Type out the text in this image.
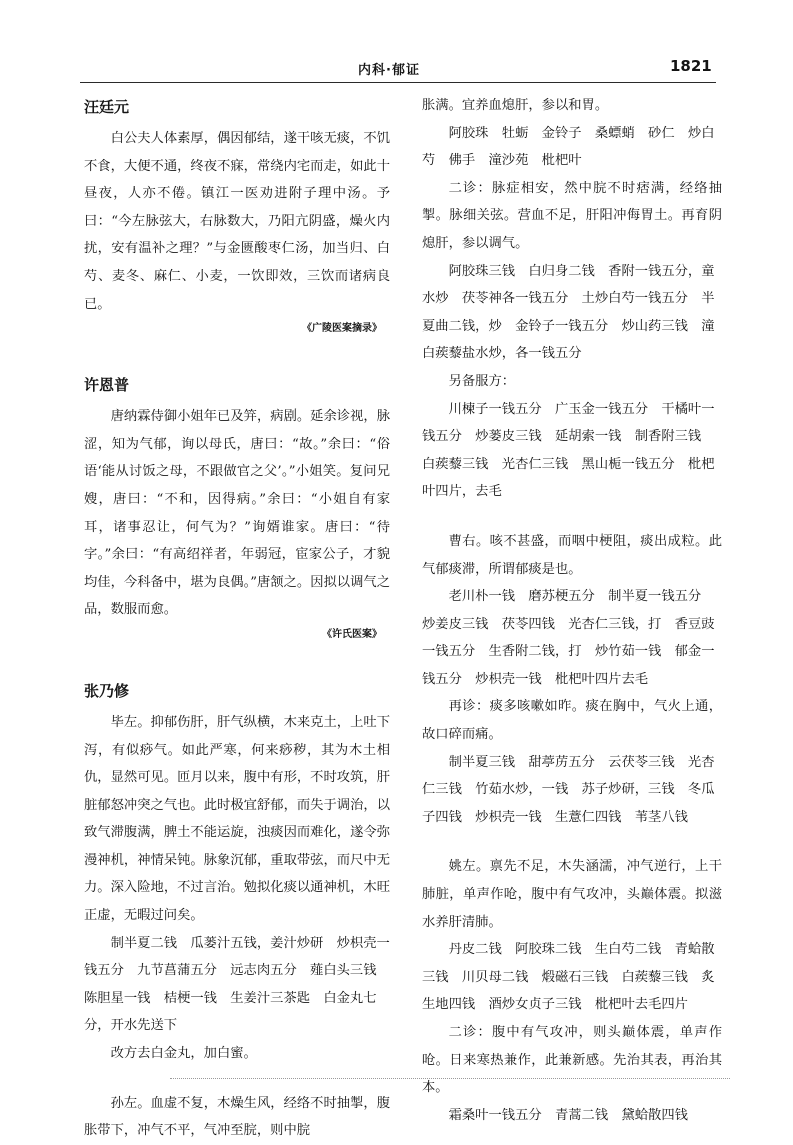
内科·郁证	1821
汪廷元

白公夫人体素厚，偶因郁结，遂干咳无痰，不饥不食，大便不通，终夜不寐，常绕内宅而走，如此十昼夜，人亦不倦。镇江一医劝进附子理中汤。予曰：“今左脉弦大，右脉数大，乃阳亢阴盛，燥火内扰，安有温补之理？”与金匮酸枣仁汤，加当归、白芍、麦冬、麻仁、小麦，一饮即效，三饮而诸病良已。

《广陵医案摘录》
许恩普

唐纳霖侍御小姐年已及笄，病剧。延余诊视，脉涩，知为气郁，询以母氏，唐曰：“故。”余曰：“俗语‘能从讨饭之母，不跟做官之父’。”小姐笑。复问兄嫂，唐曰：“不和，因得病。”余曰：“小姐自有家耳，诸事忍让，何气为？”询婿谁家。唐曰：“待字。”余曰：“有高绍祥者，年弱冠，宦家公子，才貌均佳，今科备中，堪为良偶。”唐颔之。因拟以调气之品，数服而愈。

《许氏医案》
张乃修

毕左。抑郁伤肝，肝气纵横，木来克土，上吐下泻，有似痧气。如此严寒，何来痧秽，其为木土相仇，显然可见。匝月以来，腹中有形，不时攻筑，肝脏郁怒冲突之气也。此时极宜舒郁，而失于调治，以致气滞腹满，脾土不能运旋，浊痰因而难化，遂令弥漫神机，神情呆钝。脉象沉郁，重取带弦，而尺中无力。深入险地，不过言治。勉拟化痰以通神机，木旺正虚，无暇过问矣。

制半夏二钱　瓜蒌汁五钱，姜汁炒研　炒枳壳一钱五分　九节菖蒲五分　远志肉五分　薤白头三钱　陈胆星一钱　桔梗一钱　生姜汁三茶匙　白金丸七分，开水先送下

改方去白金丸，加白蜜。

孙左。血虚不复，木燥生风，经络不时抽掣，腹胀带下，冲气不平，气冲至脘，则中脘

胀满。宜养血熄肝，参以和胃。

阿胶珠　牡蛎　金铃子　桑螵蛸　砂仁　炒白芍　佛手　潼沙苑　枇杷叶

二诊：脉症相安，然中脘不时痞满，经络抽掣。脉细关弦。营血不足，肝阳冲侮胃土。再育阴熄肝，参以调气。

阿胶珠三钱　白归身二钱　香附一钱五分，童水炒　茯苓神各一钱五分　土炒白芍一钱五分　半夏曲二钱，炒　金铃子一钱五分　炒山药三钱　潼白蒺藜盐水炒，各一钱五分

另备服方：

川楝子一钱五分　广玉金一钱五分　干橘叶一钱五分　炒蒌皮三钱　延胡索一钱　制香附三钱　白蒺藜三钱　光杏仁三钱　黑山栀一钱五分　枇杷叶四片，去毛

曹右。咳不甚盛，而咽中梗阻，痰出成粒。此气郁痰滞，所谓郁痰是也。

老川朴一钱　磨苏梗五分　制半夏一钱五分　炒姜皮三钱　茯苓四钱　光杏仁三钱，打　香豆豉一钱五分　生香附二钱，打　炒竹茹一钱　郁金一钱五分　炒枳壳一钱　枇杷叶四片去毛

再诊：痰多咳嗽如昨。痰在胸中，气火上通，故口碎而痛。

制半夏三钱　甜葶苈五分　云茯苓三钱　光杏仁三钱　竹茹水炒，一钱　苏子炒研，三钱　冬瓜子四钱　炒枳壳一钱　生薏仁四钱　苇茎八钱

姚左。禀先不足，木失涵濡，冲气逆行，上干肺脏，单声作呛，腹中有气攻冲，头巅体震。拟滋水养肝清肺。

丹皮二钱　阿胶珠二钱　生白芍二钱　青蛤散三钱　川贝母二钱　煅磁石三钱　白蒺藜三钱　炙生地四钱　酒炒女贞子三钱　枇杷叶去毛四片

二诊：腹中有气攻冲，则头巅体震，单声作呛。日来寒热兼作，此兼新感。先治其表，再治其本。

霜桑叶一钱五分　青蒿二钱　黛蛤散四钱
